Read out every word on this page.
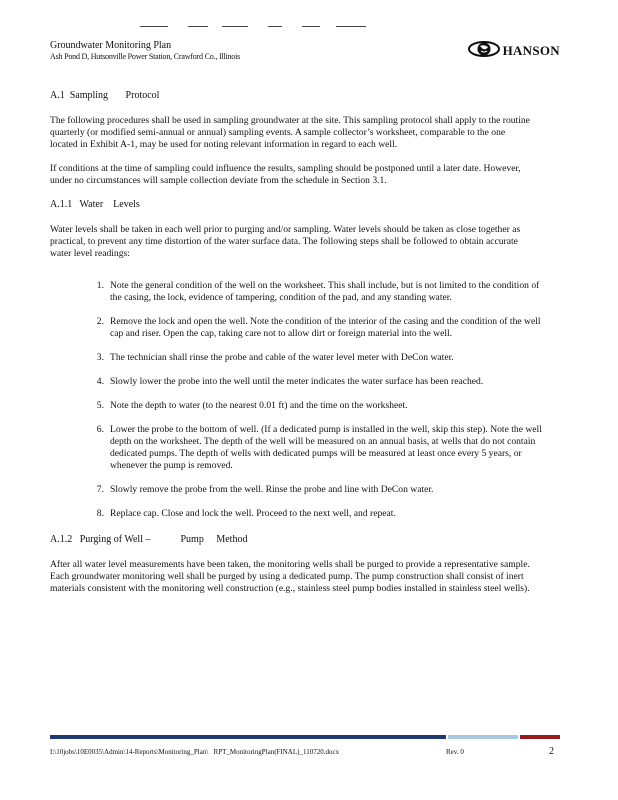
Groundwater Monitoring Plan
Ash Pond D, Hutsonville Power Station, Crawford Co., Illinois	HANSON
A.1  Sampling       Protocol

The following procedures shall be used in sampling groundwater at the site. This sampling protocol shall apply to the routine quarterly (or modified semi-annual or annual) sampling events. A sample collector’s worksheet, comparable to the one located in Exhibit A-1, may be used for noting relevant information in regard to each well.

If conditions at the time of sampling could influence the results, sampling should be postponed until a later date. However, under no circumstances will sample collection deviate from the schedule in Section 3.1.

A.1.1   Water    Levels

Water levels shall be taken in each well prior to purging and/or sampling. Water levels should be taken as close together as practical, to prevent any time distortion of the water surface data. The following steps shall be followed to obtain accurate water level readings:

1. Note the general condition of the well on the worksheet. This shall include, but is not limited to the condition of the casing, the lock, evidence of tampering, condition of the pad, and any standing water.
2. Remove the lock and open the well. Note the condition of the interior of the casing and the condition of the well cap and riser. Open the cap, taking care not to allow dirt or foreign material into the well.
3. The technician shall rinse the probe and cable of the water level meter with DeCon water.
4. Slowly lower the probe into the well until the meter indicates the water surface has been reached.
5. Note the depth to water (to the nearest 0.01 ft) and the time on the worksheet.
6. Lower the probe to the bottom of well. (If a dedicated pump is installed in the well, skip this step). Note the well depth on the worksheet. The depth of the well will be measured on an annual basis, at wells that do not contain dedicated pumps. The depth of wells with dedicated pumps will be measured at least once every 5 years, or whenever the pump is removed.
7. Slowly remove the probe from the well. Rinse the probe and line with DeCon water.
8. Replace cap. Close and lock the well. Proceed to the next well, and repeat.
A.1.2   Purging of Well –            Pump     Method

After all water level measurements have been taken, the monitoring wells shall be purged to provide a representative sample. Each groundwater monitoring well shall be purged by using a dedicated pump. The pump construction shall consist of inert materials consistent with the monitoring well construction (e.g., stainless steel pump bodies installed in stainless steel wells).

I:\10jobs\10E0035\Admin\14-Reports\Monitoring_Plan\   RPT_MonitoringPlan(FINAL)_110720.docx	Rev. 0	2
